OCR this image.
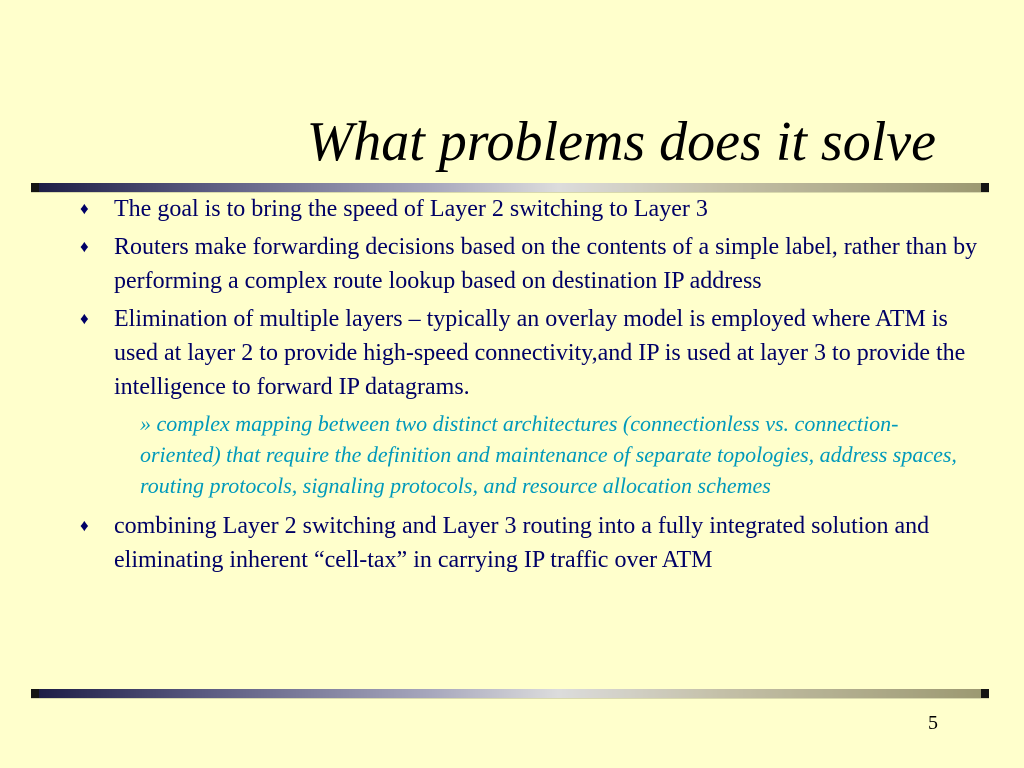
What problems does it solve
♦ The goal is to bring the speed of Layer 2 switching to Layer 3
♦ Routers make forwarding decisions based on the contents of a simple label, rather than by performing a complex route lookup based on destination IP address
♦ Elimination of multiple layers – typically an overlay model is employed where ATM is used at layer 2 to provide high-speed connectivity,and IP is used at layer 3 to provide the intelligence to forward IP datagrams.
» complex mapping between two distinct architectures (connectionless vs. connection-oriented) that require the definition and maintenance of separate topologies, address spaces, routing protocols, signaling protocols, and resource allocation schemes
♦ combining Layer 2 switching and Layer 3 routing into a fully integrated solution and eliminating inherent “cell-tax” in carrying IP traffic over ATM
5
